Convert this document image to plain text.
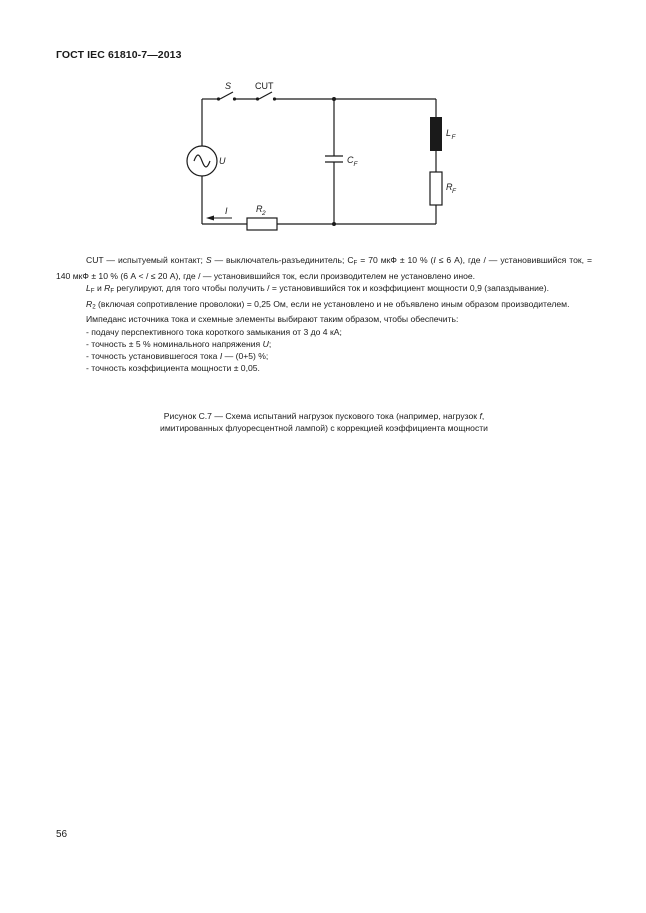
ГОСТ IEC 61810-7—2013
S	CUT
U	C F
L F
R F
R 2
I

CUT — испытуемый контакт; S — выключатель-разъединитель; $C_F = 70$ мкФ ± 10 % (I ≤ 6 А), где / — установившийся ток, = 140 мкФ ± 10 % (6 А < / ≤ 20 А), где / — установившийся ток, если производителем не установлено иное.

$L_F$ и $R_F$ регулируют, для того чтобы получить / = установившийся ток и коэффициент мощности 0,9 (запаздывание).

$R_2$ (включая сопротивление проволоки) = 0,25 Ом, если не установлено и не объявлено иным образом производителем.

Импеданс источника тока и схемные элементы выбирают таким образом, чтобы обеспечить:

- подачу перспективного тока короткого замыкания от 3 до 4 кА;

- точность ± 5 % номинального напряжения U;

- точность установившегося тока I — (0+5) %;

- точность коэффициента мощности ± 0,05.

Рисунок С.7 — Схема испытаний нагрузок пускового тока (например, нагрузок f,

имитированных флуоресцентной лампой) с коррекцией коэффициента мощности

56
